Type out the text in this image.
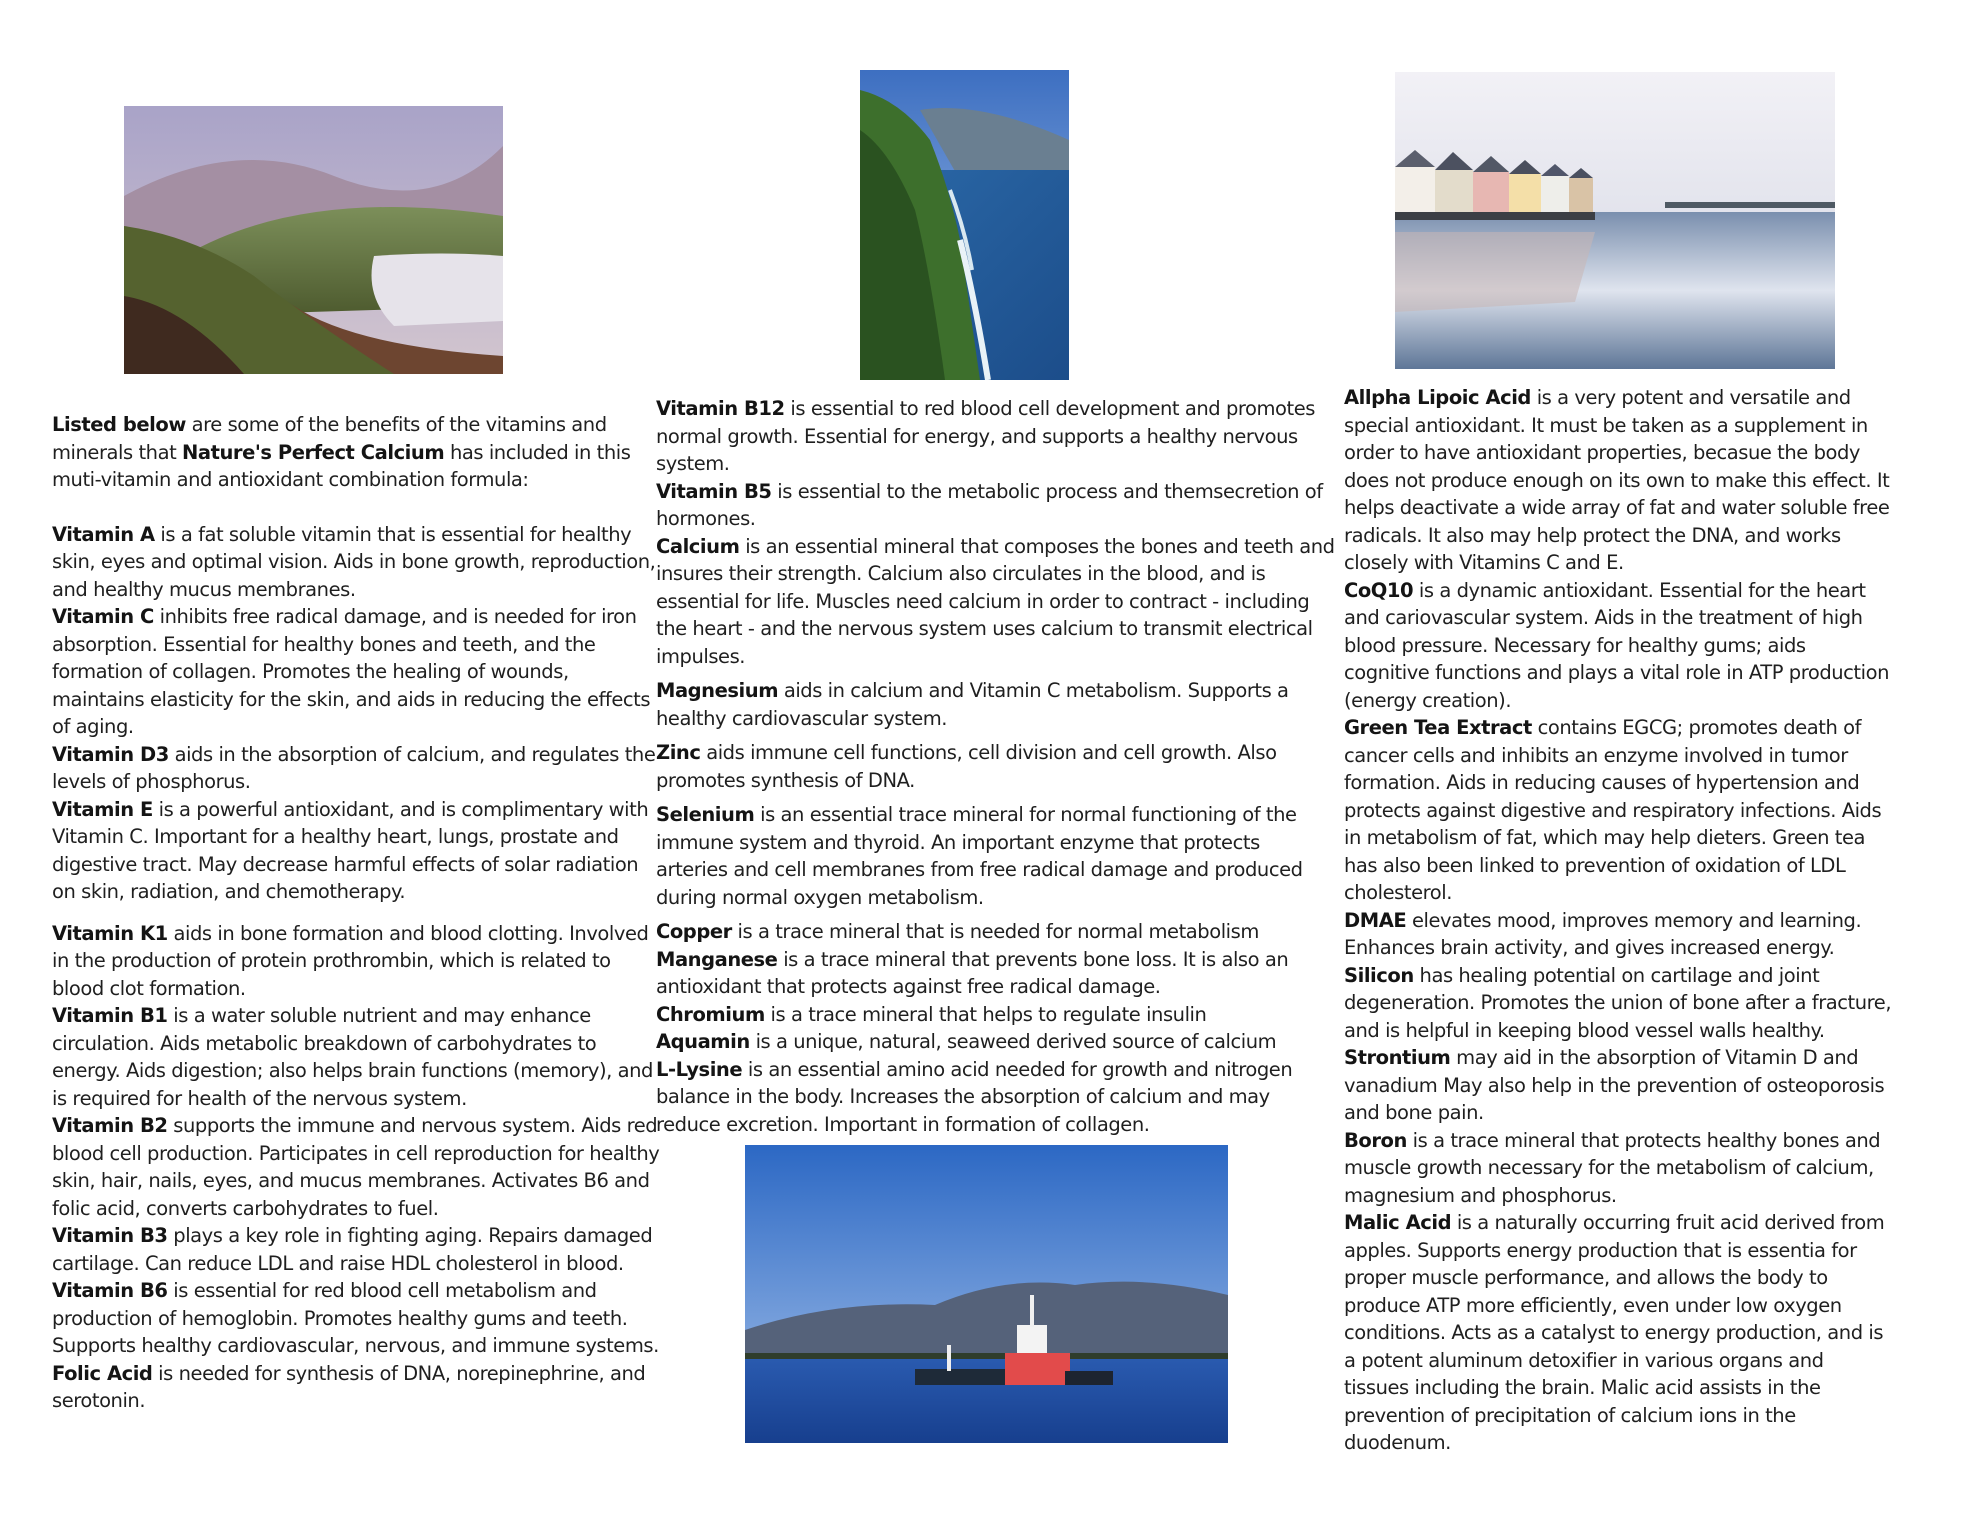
Listed below are some of the benefits of the vitamins and minerals that Nature's Perfect Calcium has included in this muti-vitamin and antioxidant combination formula:

Vitamin A is a fat soluble vitamin that is essential for healthy skin, eyes and optimal vision. Aids in bone growth, reproduction, and healthy mucus membranes.

Vitamin C inhibits free radical damage, and is needed for iron absorption. Essential for healthy bones and teeth, and the formation of collagen. Promotes the healing of wounds, maintains elasticity for the skin, and aids in reducing the effects of aging.

Vitamin D3 aids in the absorption of calcium, and regulates the levels of phosphorus.

Vitamin E is a powerful antioxidant, and is complimentary with Vitamin C. Important for a healthy heart, lungs, prostate and digestive tract. May decrease harmful effects of solar radiation on skin, radiation, and chemotherapy.

Vitamin K1 aids in bone formation and blood clotting. Involved in the production of protein prothrombin, which is related to blood clot formation.

Vitamin B1 is a water soluble nutrient and may enhance circulation. Aids metabolic breakdown of carbohydrates to energy. Aids digestion; also helps brain functions (memory), and is required for health of the nervous system.

Vitamin B2 supports the immune and nervous system. Aids red blood cell production. Participates in cell reproduction for healthy skin, hair, nails, eyes, and mucus membranes. Activates B6 and folic acid, converts carbohydrates to fuel.

Vitamin B3 plays a key role in fighting aging. Repairs damaged cartilage. Can reduce LDL and raise HDL cholesterol in blood.

Vitamin B6 is essential for red blood cell metabolism and production of hemoglobin. Promotes healthy gums and teeth. Supports healthy cardiovascular, nervous, and immune systems.

Folic Acid is needed for synthesis of DNA, norepinephrine, and serotonin.

Vitamin B12 is essential to red blood cell development and promotes normal growth. Essential for energy, and supports a healthy nervous system.

Vitamin B5 is essential to the metabolic process and themsecretion of hormones.

Calcium is an essential mineral that composes the bones and teeth and insures their strength. Calcium also circulates in the blood, and is essential for life. Muscles need calcium in order to contract - including the heart - and the nervous system uses calcium to transmit electrical impulses.

Magnesium aids in calcium and Vitamin C metabolism. Supports a healthy cardiovascular system.

Zinc aids immune cell functions, cell division and cell growth. Also promotes synthesis of DNA.

Selenium is an essential trace mineral for normal functioning of the immune system and thyroid. An important enzyme that protects arteries and cell membranes from free radical damage and produced during normal oxygen metabolism.

Copper is a trace mineral that is needed for normal metabolism

Manganese is a trace mineral that prevents bone loss. It is also an antioxidant that protects against free radical damage.

Chromium is a trace mineral that helps to regulate insulin

Aquamin is a unique, natural, seaweed derived source of calcium

L-Lysine is an essential amino acid needed for growth and nitrogen balance in the body. Increases the absorption of calcium and may reduce excretion. Important in formation of collagen.

Allpha Lipoic Acid is a very potent and versatile and special antioxidant. It must be taken as a supplement in order to have antioxidant properties, becasue the body does not produce enough on its own to make this effect. It helps deactivate a wide array of fat and water soluble free radicals. It also may help protect the DNA, and works closely with Vitamins C and E.

CoQ10 is a dynamic antioxidant. Essential for the heart and cariovascular system. Aids in the treatment of high blood pressure. Necessary for healthy gums; aids cognitive functions and plays a vital role in ATP production (energy creation).

Green Tea Extract contains EGCG; promotes death of cancer cells and inhibits an enzyme involved in tumor formation. Aids in reducing causes of hypertension and protects against digestive and respiratory infections. Aids in metabolism of fat, which may help dieters. Green tea has also been linked to prevention of oxidation of LDL cholesterol.

DMAE elevates mood, improves memory and learning. Enhances brain activity, and gives increased energy.

Silicon has healing potential on cartilage and joint degeneration. Promotes the union of bone after a fracture, and is helpful in keeping blood vessel walls healthy.

Strontium may aid in the absorption of Vitamin D and vanadium May also help in the prevention of osteoporosis and bone pain.

Boron is a trace mineral that protects healthy bones and muscle growth necessary for the metabolism of calcium, magnesium and phosphorus.

Malic Acid is a naturally occurring fruit acid derived from apples. Supports energy production that is essentia for proper muscle performance, and allows the body to produce ATP more efficiently, even under low oxygen conditions. Acts as a catalyst to energy production, and is a potent aluminum detoxifier in various organs and tissues including the brain. Malic acid assists in the prevention of precipitation of calcium ions in the duodenum.
